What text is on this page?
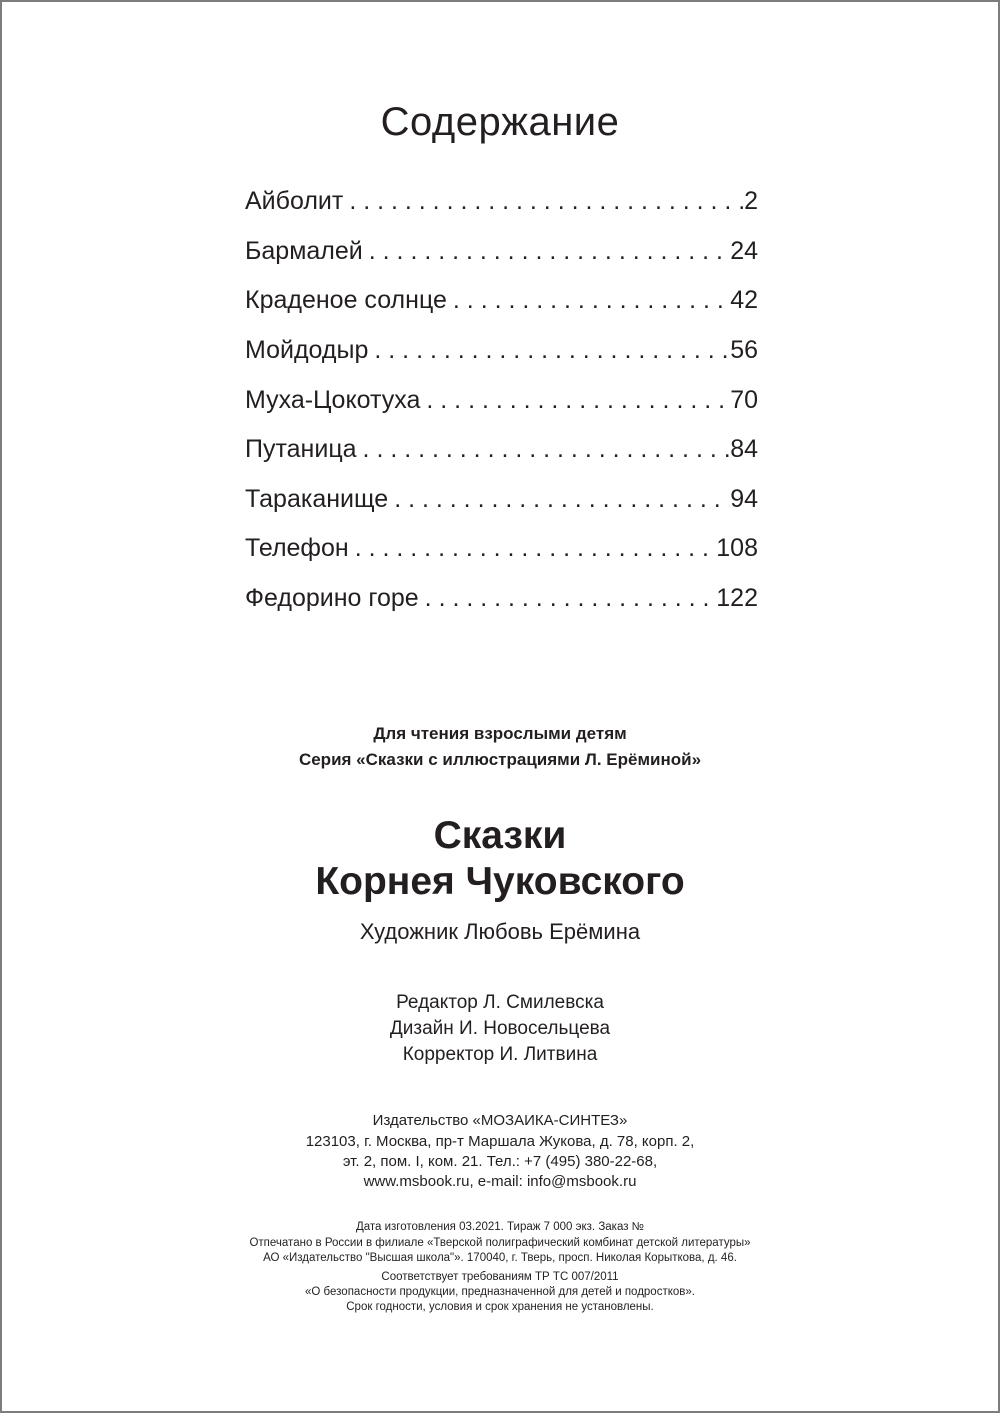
Содержание
Айболит . . .	2
Бармалей . . .	24
Краденое солнце . . .	42
Мойдодыр . . .	56
Муха-Цокотуха . . .	70
Путаница . . .	84
Тараканище . . .	94
Телефон . . .	108
Федорино горе . . .	122
Для чтения взрослыми детям
Серия «Сказки с иллюстрациями Л. Ерёминой»
Сказки
Корнея Чуковского
Художник Любовь Ерёмина
Редактор Л. Смилевска
Дизайн И. Новосельцева
Корректор И. Литвина
Издательство «МОЗАИКА-СИНТЕЗ»
123103, г. Москва, пр-т Маршала Жукова, д. 78, корп. 2,
эт. 2, пом. I, ком. 21. Тел.: +7 (495) 380-22-68,
www.msbook.ru, e-mail: info@msbook.ru
Дата изготовления 03.2021. Тираж 7 000 экз. Заказ №
Отпечатано в России в филиале «Тверской полиграфический комбинат детской литературы»
АО «Издательство "Высшая школа"». 170040, г. Тверь, просп. Николая Корыткова, д. 46.
Соответствует требованиям ТР ТС 007/2011
«О безопасности продукции, предназначенной для детей и подростков».
Срок годности, условия и срок хранения не установлены.
